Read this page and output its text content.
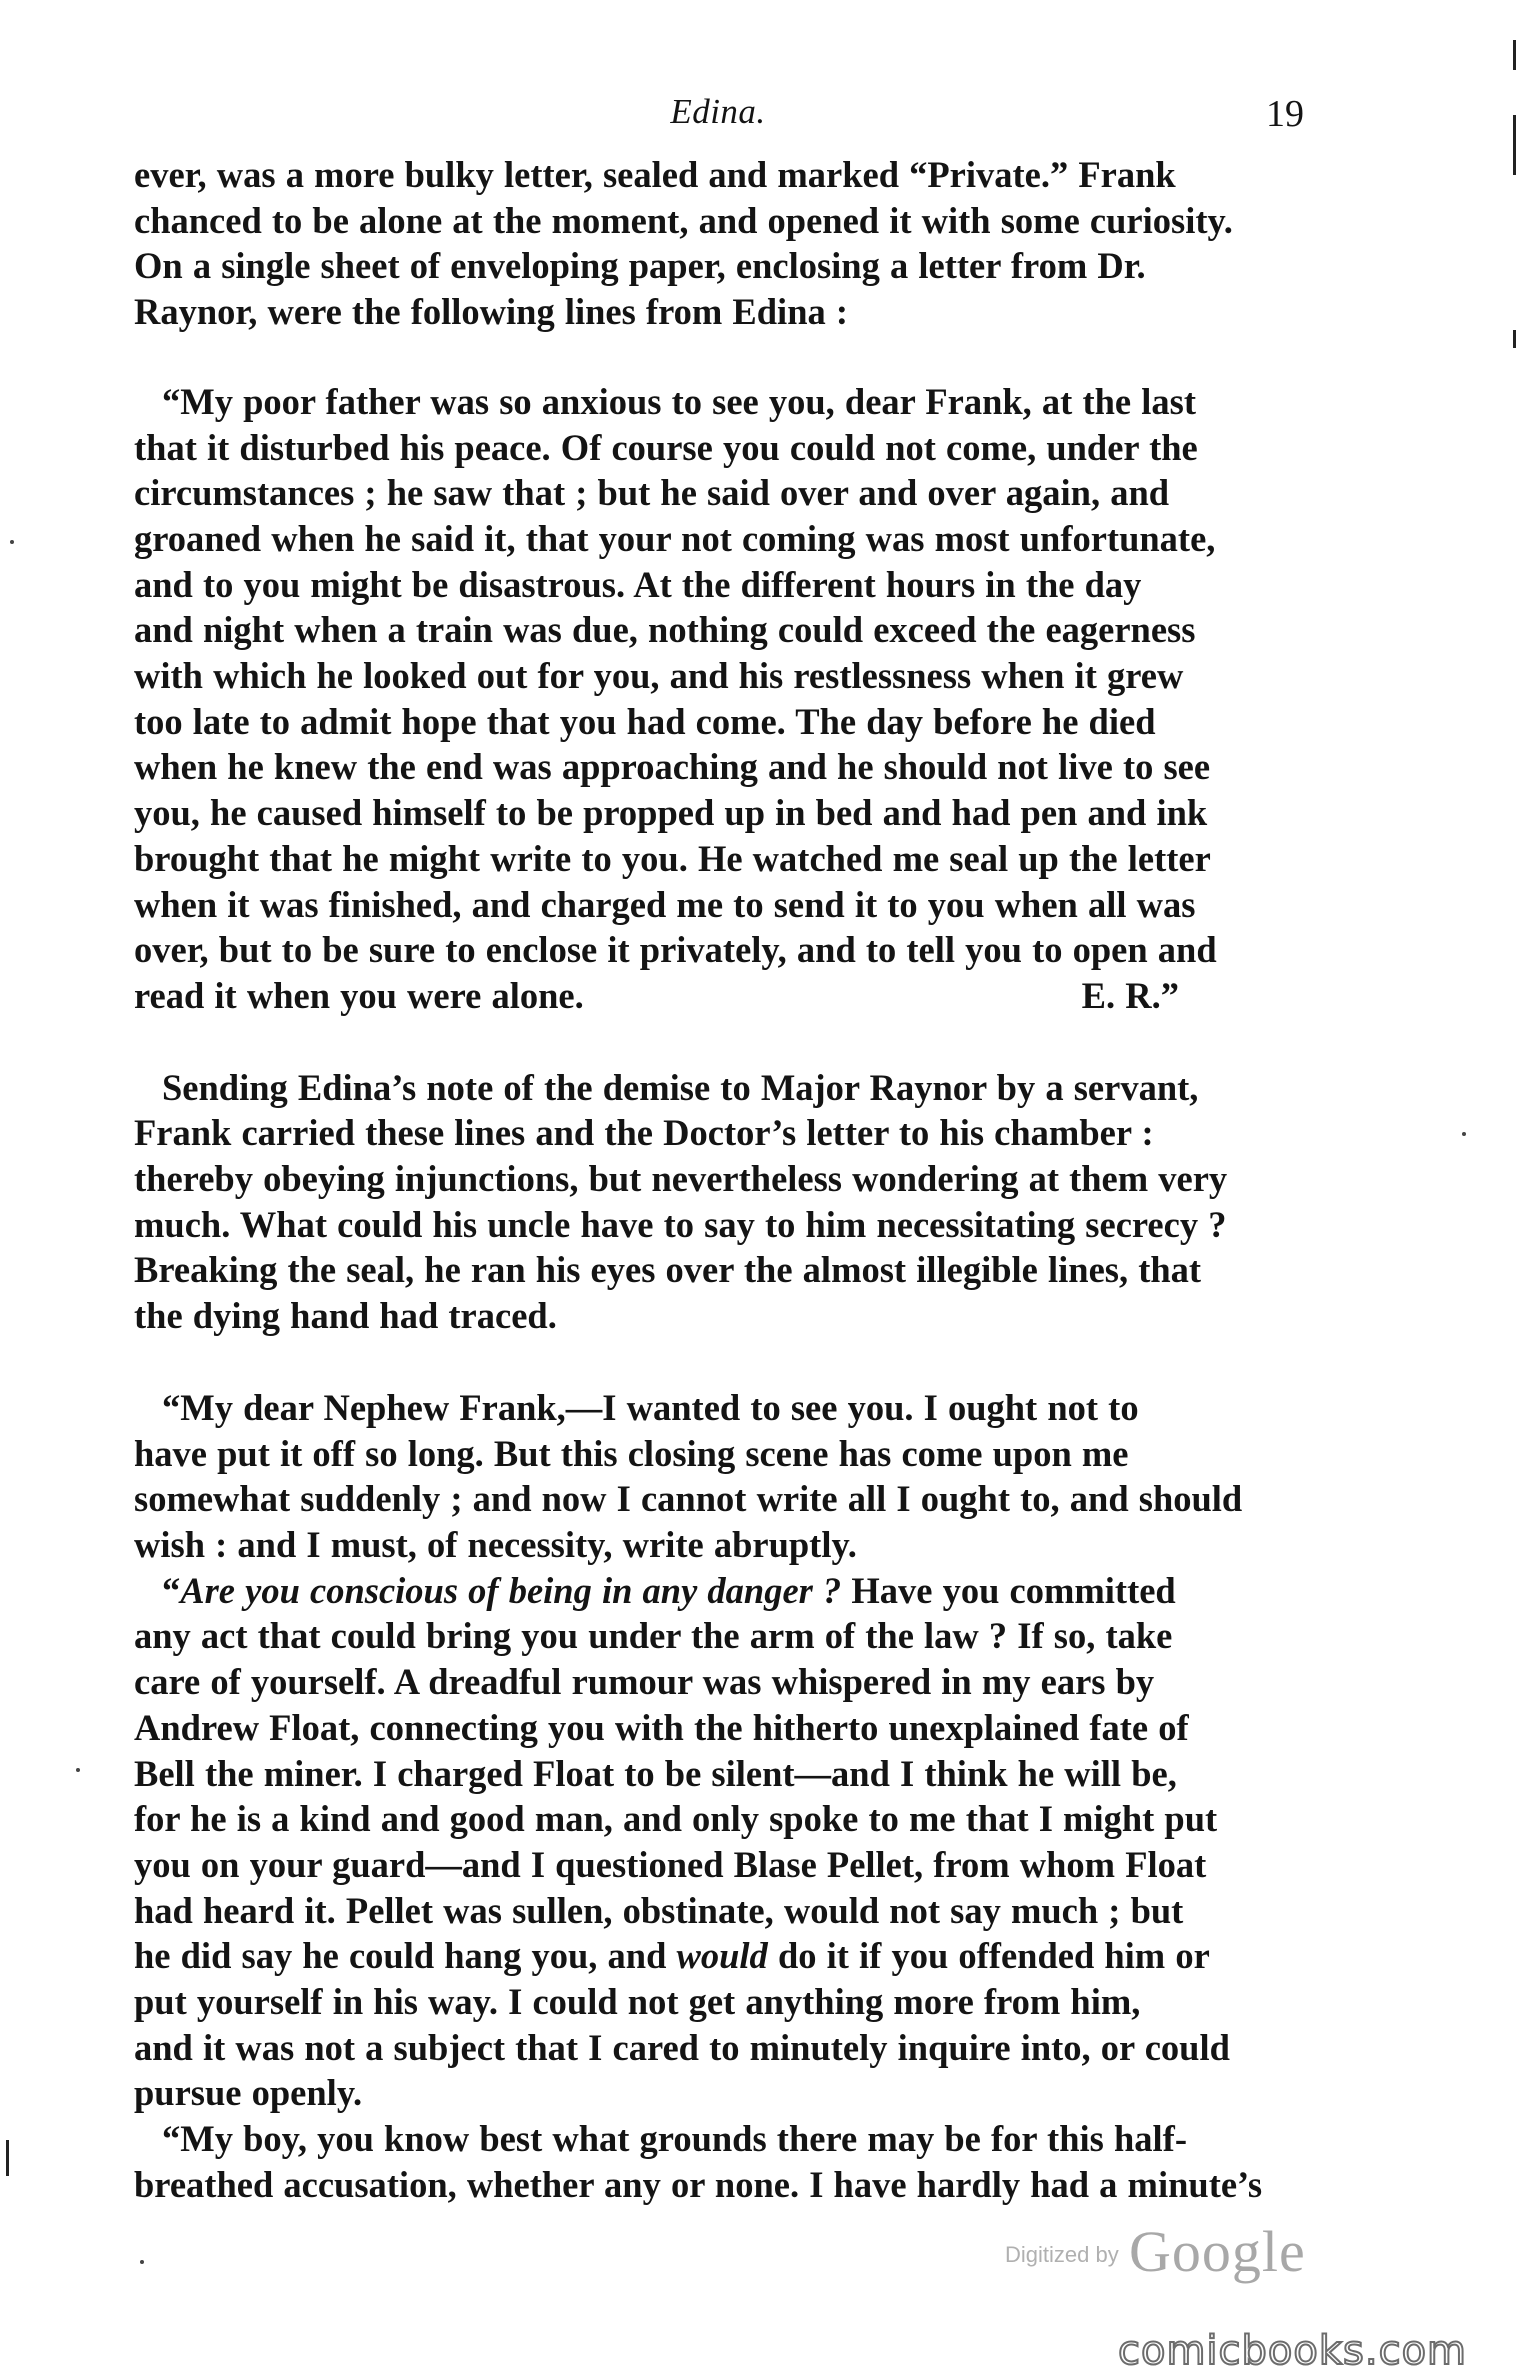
Edina.	19
ever, was a more bulky letter, sealed and marked “Private.” Frank
chanced to be alone at the moment, and opened it with some curiosity.
On a single sheet of enveloping paper, enclosing a letter from Dr.
Raynor, were the following lines from Edina :
“My poor father was so anxious to see you, dear Frank, at the last
that it disturbed his peace. Of course you could not come, under the
circumstances ; he saw that ; but he said over and over again, and
groaned when he said it, that your not coming was most unfortunate,
and to you might be disastrous. At the different hours in the day
and night when a train was due, nothing could exceed the eagerness
with which he looked out for you, and his restlessness when it grew
too late to admit hope that you had come. The day before he died
when he knew the end was approaching and he should not live to see
you, he caused himself to be propped up in bed and had pen and ink
brought that he might write to you. He watched me seal up the letter
when it was finished, and charged me to send it to you when all was
over, but to be sure to enclose it privately, and to tell you to open and
read it when you were alone.	E. R.”
Sending Edina’s note of the demise to Major Raynor by a servant,
Frank carried these lines and the Doctor’s letter to his chamber :
thereby obeying injunctions, but nevertheless wondering at them very
much. What could his uncle have to say to him necessitating secrecy ?
Breaking the seal, he ran his eyes over the almost illegible lines, that
the dying hand had traced.
“My dear Nephew Frank,—I wanted to see you. I ought not to
have put it off so long. But this closing scene has come upon me
somewhat suddenly ; and now I cannot write all I ought to, and should
wish : and I must, of necessity, write abruptly.
“Are you conscious of being in any danger ? Have you committed
any act that could bring you under the arm of the law ? If so, take
care of yourself. A dreadful rumour was whispered in my ears by
Andrew Float, connecting you with the hitherto unexplained fate of
Bell the miner. I charged Float to be silent—and I think he will be,
for he is a kind and good man, and only spoke to me that I might put
you on your guard—and I questioned Blase Pellet, from whom Float
had heard it. Pellet was sullen, obstinate, would not say much ; but
he did say he could hang you, and would do it if you offended him or
put yourself in his way. I could not get anything more from him,
and it was not a subject that I cared to minutely inquire into, or could
pursue openly.
“My boy, you know best what grounds there may be for this half-
breathed accusation, whether any or none. I have hardly had a minute’s
Digitized by Google
comicbooks.com
